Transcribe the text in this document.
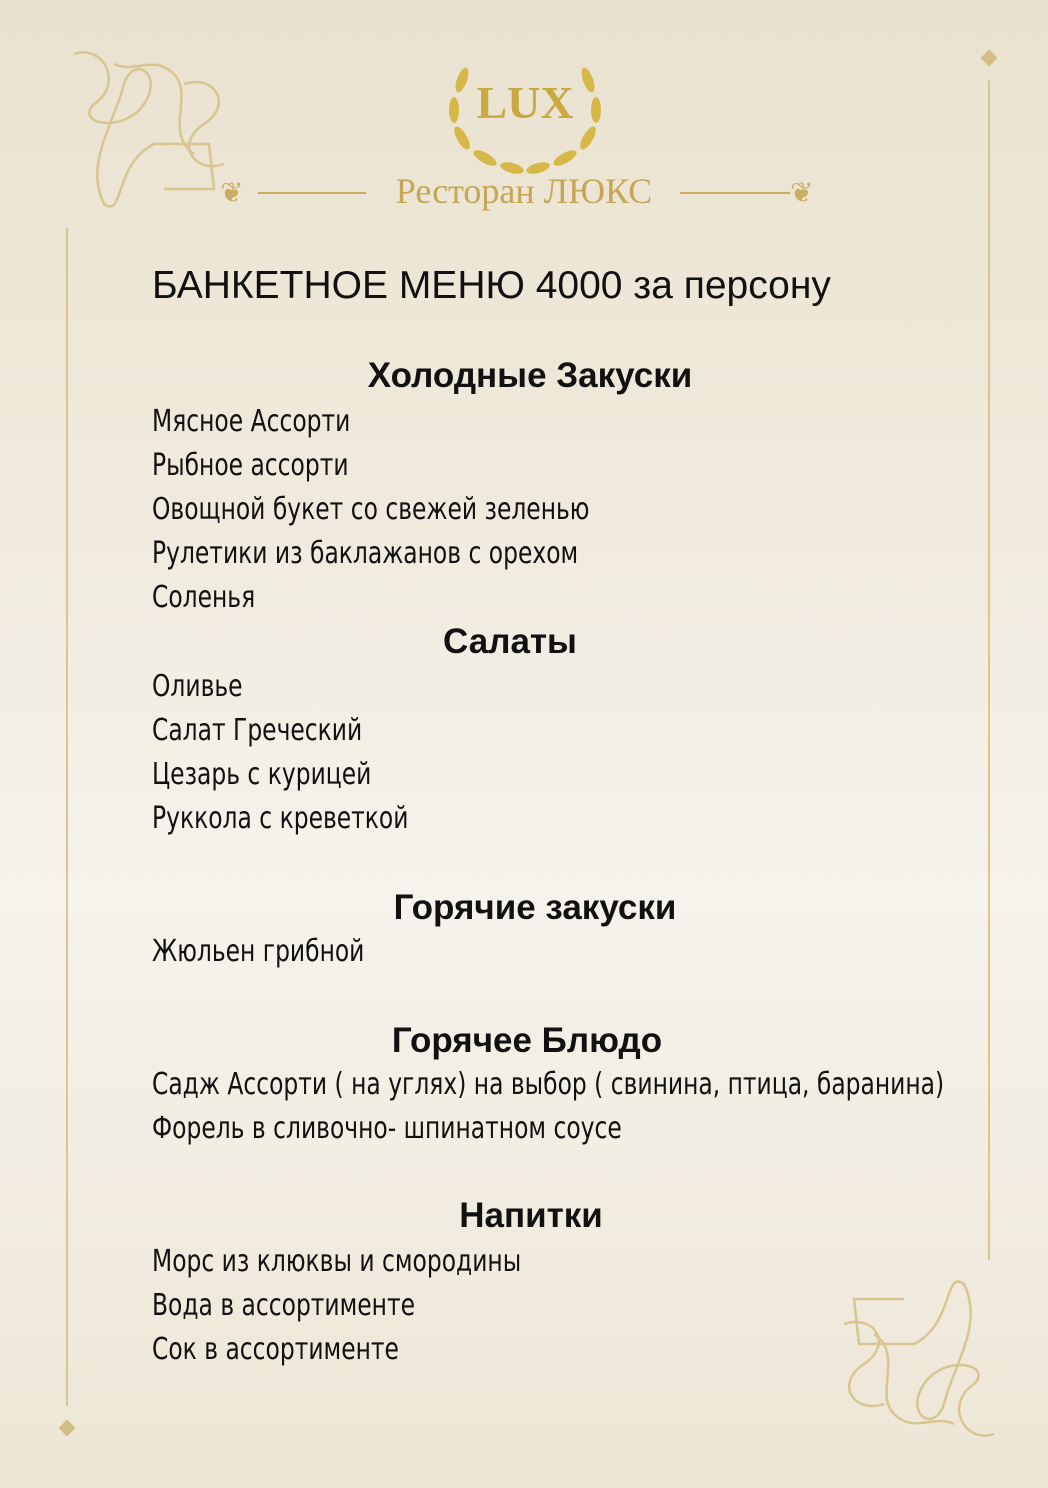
LUX
❦	❦
Ресторан ЛЮКС
БАНКЕТНОЕ МЕНЮ 4000 за персону
Холодные Закуски
Мясное Ассорти
Рыбное ассорти
Овощной букет со свежей зеленью
Рулетики из баклажанов с орехом
Соленья
Салаты
Оливье
Салат Греческий
Цезарь с курицей
Руккола с креветкой
Горячие закуски
Жюльен грибной
Горячее Блюдо
Садж Ассорти ( на углях) на выбор ( свинина, птица, баранина)
Форель в сливочно- шпинатном соусе
Напитки
Морс из клюквы и смородины
Вода в ассортименте
Сок в ассортименте
